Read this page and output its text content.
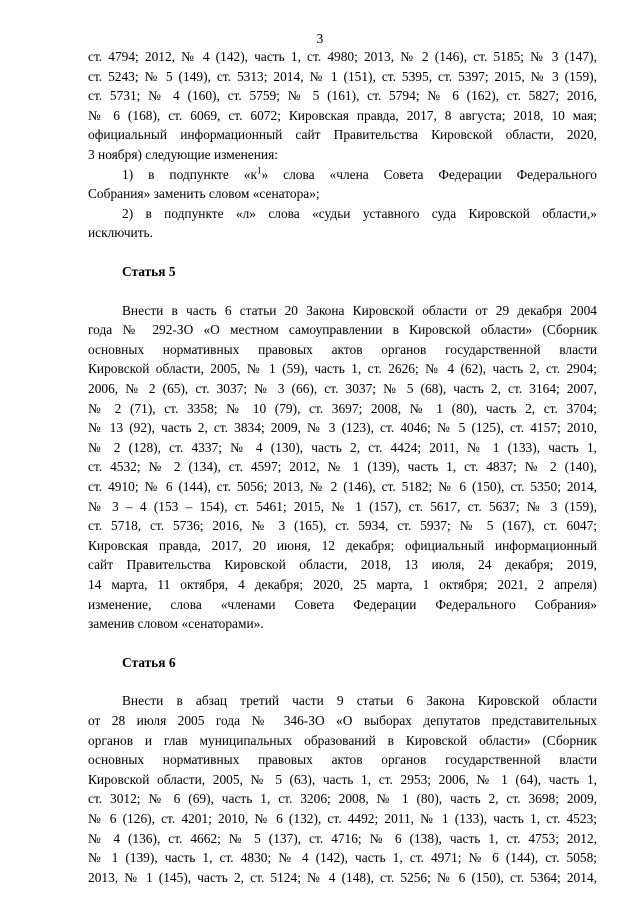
3
ст. 4794; 2012, № 4 (142), часть 1, ст. 4980; 2013, № 2 (146), ст. 5185; № 3 (147),
ст. 5243; № 5 (149), ст. 5313; 2014, № 1 (151), ст. 5395, ст. 5397; 2015, № 3 (159),
ст. 5731; № 4 (160), ст. 5759; № 5 (161), ст. 5794; № 6 (162), ст. 5827; 2016,
№ 6 (168), ст. 6069, ст. 6072; Кировская правда, 2017, 8 августа; 2018, 10 мая;
официальный информационный сайт Правительства Кировской области, 2020,
3 ноября) следующие изменения:
1) в подпункте «$к^1$» слова «члена Совета Федерации Федерального
Собрания» заменить словом «сенатора»;
2) в подпункте «л» слова «судьи уставного суда Кировской области,»
исключить.
Статья 5
Внести в часть 6 статьи 20 Закона Кировской области от 29 декабря 2004
года № 292-ЗО «О местном самоуправлении в Кировской области» (Сборник
основных нормативных правовых актов органов государственной власти
Кировской области, 2005, № 1 (59), часть 1, ст. 2626; № 4 (62), часть 2, ст. 2904;
2006, № 2 (65), ст. 3037; № 3 (66), ст. 3037; № 5 (68), часть 2, ст. 3164; 2007,
№ 2 (71), ст. 3358; № 10 (79), ст. 3697; 2008, № 1 (80), часть 2, ст. 3704;
№ 13 (92), часть 2, ст. 3834; 2009, № 3 (123), ст. 4046; № 5 (125), ст. 4157; 2010,
№ 2 (128), ст. 4337; № 4 (130), часть 2, ст. 4424; 2011, № 1 (133), часть 1,
ст. 4532; № 2 (134), ст. 4597; 2012, № 1 (139), часть 1, ст. 4837; № 2 (140),
ст. 4910; № 6 (144), ст. 5056; 2013, № 2 (146), ст. 5182; № 6 (150), ст. 5350; 2014,
№ 3 – 4 (153 – 154), ст. 5461; 2015, № 1 (157), ст. 5617, ст. 5637; № 3 (159),
ст. 5718, ст. 5736; 2016, № 3 (165), ст. 5934, ст. 5937; № 5 (167), ст. 6047;
Кировская правда, 2017, 20 июня, 12 декабря; официальный информационный
сайт Правительства Кировской области, 2018, 13 июля, 24 декабря; 2019,
14 марта, 11 октября, 4 декабря; 2020, 25 марта, 1 октября; 2021, 2 апреля)
изменение, слова «членами Совета Федерации Федерального Собрания»
заменив словом «сенаторами».
Статья 6
Внести в абзац третий части 9 статьи 6 Закона Кировской области
от 28 июля 2005 года № 346-ЗО «О выборах депутатов представительных
органов и глав муниципальных образований в Кировской области» (Сборник
основных нормативных правовых актов органов государственной власти
Кировской области, 2005, № 5 (63), часть 1, ст. 2953; 2006, № 1 (64), часть 1,
ст. 3012; № 6 (69), часть 1, ст. 3206; 2008, № 1 (80), часть 2, ст. 3698; 2009,
№ 6 (126), ст. 4201; 2010, № 6 (132), ст. 4492; 2011, № 1 (133), часть 1, ст. 4523;
№ 4 (136), ст. 4662; № 5 (137), ст. 4716; № 6 (138), часть 1, ст. 4753; 2012,
№ 1 (139), часть 1, ст. 4830; № 4 (142), часть 1, ст. 4971; № 6 (144), ст. 5058;
2013, № 1 (145), часть 2, ст. 5124; № 4 (148), ст. 5256; № 6 (150), ст. 5364; 2014,
